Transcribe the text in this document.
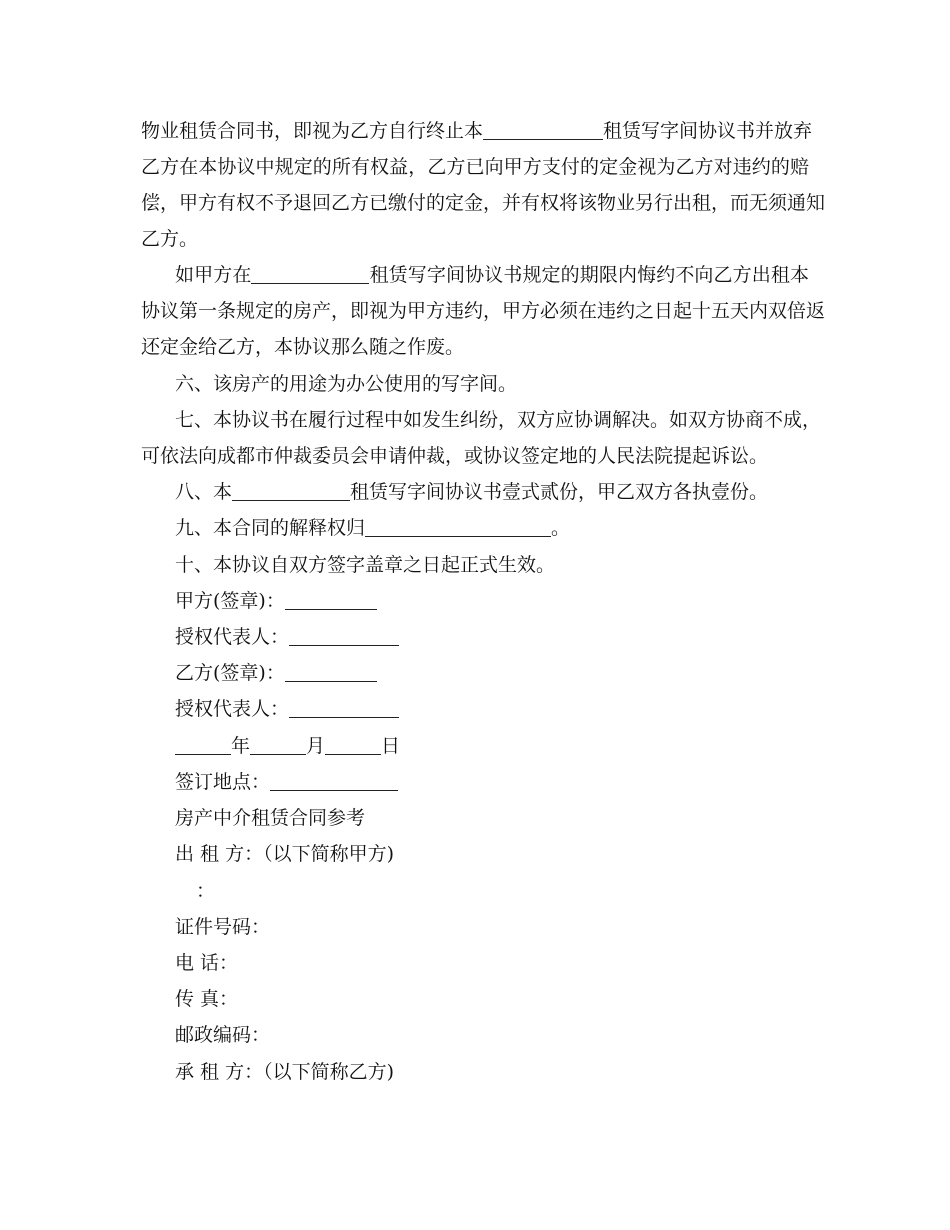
物业租赁合同书，即视为乙方自行终止本	租赁写字间协议书并放弃
乙方在本协议中规定的所有权益，乙方已向甲方支付的定金视为乙方对违约的赔
偿，甲方有权不予退回乙方已缴付的定金，并有权将该物业另行出租，而无须通知
乙方。
如甲方在	租赁写字间协议书规定的期限内悔约不向乙方出租本
协议第一条规定的房产，即视为甲方违约，甲方必须在违约之日起十五天内双倍返
还定金给乙方，本协议那么随之作废。
六、该房产的用途为办公使用的写字间。
七、本协议书在履行过程中如发生纠纷，双方应协调解决。如双方协商不成，
可依法向成都市仲裁委员会申请仲裁，或协议签定地的人民法院提起诉讼。
八、本	租赁写字间协议书壹式贰份，甲乙双方各执壹份。
九、本合同的解释权归	。
十、本协议自双方签字盖章之日起正式生效。
甲方(签章)：
授权代表人：
乙方(签章)：
授权代表人：
年	月	日
签订地点：
房产中介租赁合同参考
出 租 方：（以下简称甲方)
：
证件号码：
电 话：
传 真：
邮政编码：
承 租 方：（以下简称乙方)
